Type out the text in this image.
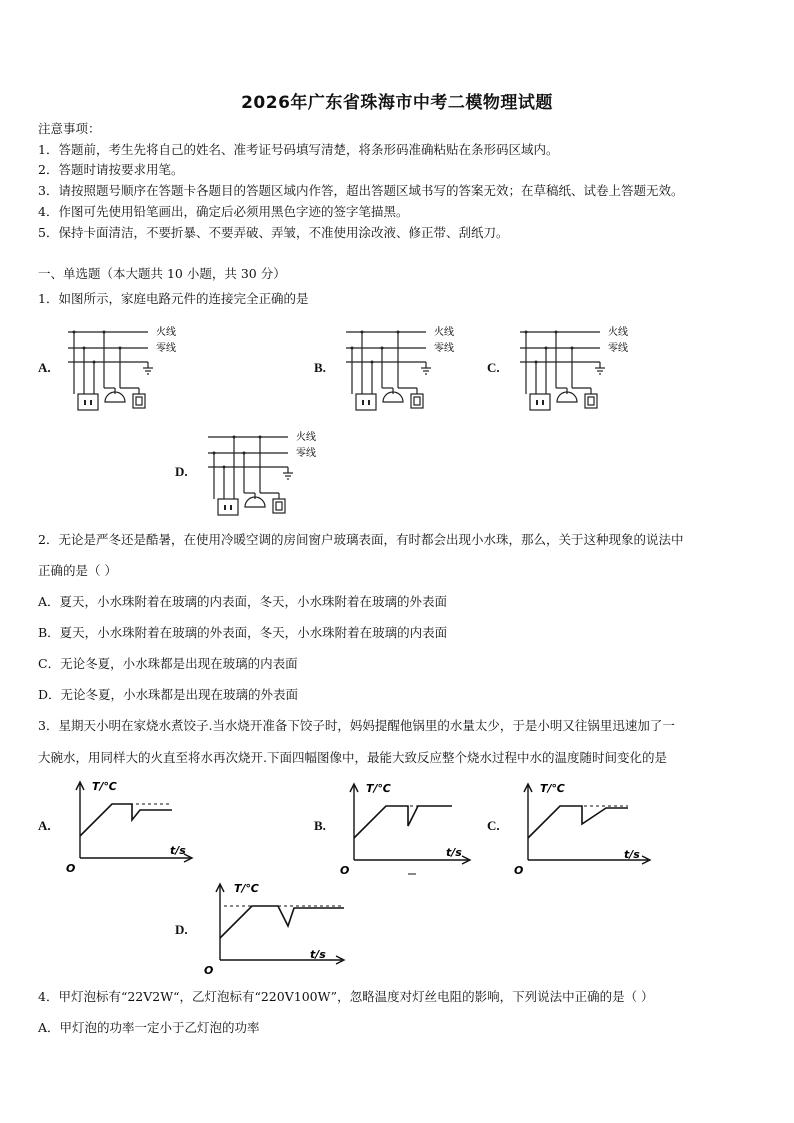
2026年广东省珠海市中考二模物理试题
注意事项：
1．答题前，考生先将自己的姓名、准考证号码填写清楚，将条形码准确粘贴在条形码区域内。
2．答题时请按要求用笔。
3．请按照题号顺序在答题卡各题目的答题区域内作答，超出答题区域书写的答案无效；在草稿纸、试卷上答题无效。
4．作图可先使用铅笔画出，确定后必须用黑色字迹的签字笔描黑。
5．保持卡面清洁，不要折暴、不要弄破、弄皱，不准使用涂改液、修正带、刮纸刀。
一、单选题（本大题共 10 小题，共 30 分）
1．如图所示，家庭电路元件的连接完全正确的是
A.	B.	C.
D.
火线
零线
火线
零线
火线
零线
火线
零线
2．无论是严冬还是酷暑，在使用冷暖空调的房间窗户玻璃表面，有时都会出现小水珠，那么，关于这种现象的说法中
正确的是（ ）
A．夏天，小水珠附着在玻璃的内表面，冬天，小水珠附着在玻璃的外表面
B．夏天，小水珠附着在玻璃的外表面，冬天，小水珠附着在玻璃的内表面
C．无论冬夏，小水珠都是出现在玻璃的内表面
D．无论冬夏，小水珠都是出现在玻璃的外表面
3．星期天小明在家烧水煮饺子.当水烧开准备下饺子时，妈妈提醒他锅里的水量太少，于是小明又往锅里迅速加了一
大碗水，用同样大的火直至将水再次烧开.下面四幅图像中，最能大致反应整个烧水过程中水的温度随时间变化的是
A.	B.	C.
D.
T/℃
t/s
O
T/℃
t/s
O
T/℃
t/s
O
T/℃
t/s
O
4．甲灯泡标有“22V2W“，乙灯泡标有“220V100W”，忽略温度对灯丝电阻的影响，下列说法中正确的是（ ）
A．甲灯泡的功率一定小于乙灯泡的功率
